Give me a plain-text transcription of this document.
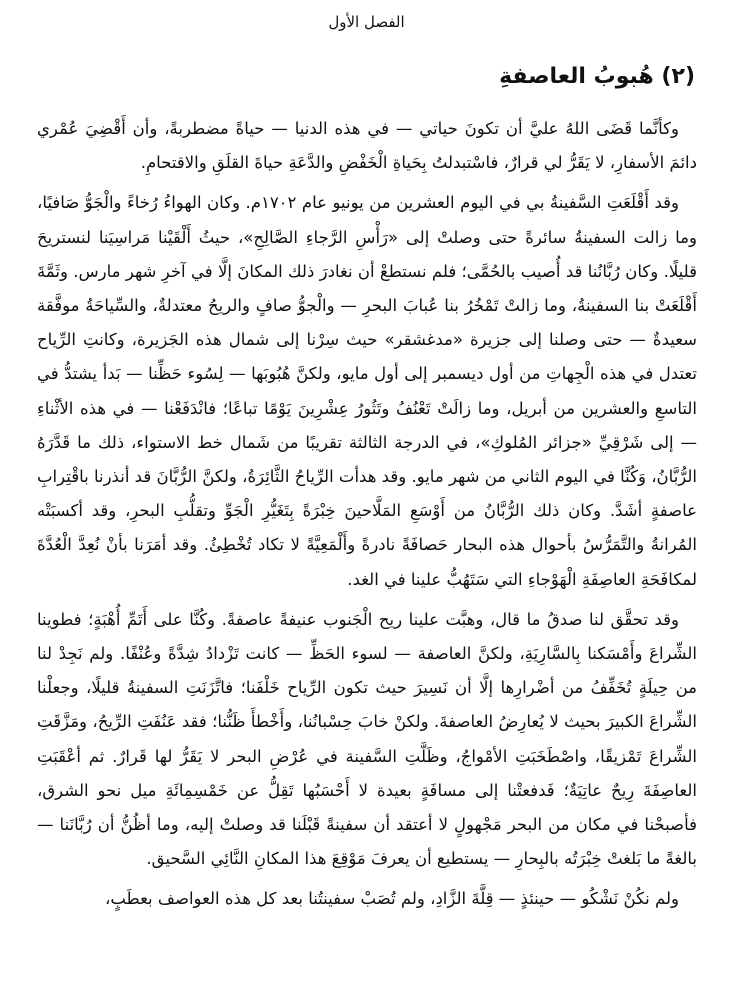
الفصل الأول
(٢) هُبوبُ العاصفةِ

وكأنَّما قَضَى اللهُ عليَّ أن تكونَ حياتي — في هذه الدنيا — حياةً مضطربةً، وأن أَقْضِيَ عُمْري دائمَ الأسفارِ، لا يَقَرُّ لي قرارٌ، فاسْتبدلتُ بِحَياةِ الْخَفْضِ والدَّعَةِ حياةَ القلَقِ والاقتحامِ.

وقد أَقْلَعَتِ السَّفينةُ بي في اليوم العشرين من يونيو عام ١٧٠٢م. وكان الهواءُ رُخاءً والْجَوُّ صَافيًا، وما زالت السفينةُ سائرةً حتى وصلتْ إلى «رَأْسِ الرَّجاءِ الصَّالِحِ»، حيثُ أَلْقَيْنا مَراسِيَنا لنستريحَ قليلًا. وكان رُبَّانُنا قد أُصيب بالحُمَّى؛ فلم نستطعْ أن نغادرَ ذلك المكانَ إلَّا في آخرِ شهر مارس. وثَمَّةَ أَقْلَعَتْ بنا السفينةُ، وما زالتْ تَمْخُرُ بنا عُبابَ البحرِ — والْجوُّ صافٍ والريحُ معتدلةٌ، والسِّياحَةُ موفَّقة سعيدةٌ — حتى وصلنا إلى جزيرة «مدغشقر» حيث سِرْنا إلى شمال هذه الجَزيرة، وكانتِ الرِّياح تعتدل في هذه الْجِهاتِ من أول ديسمبر إلى أول مايو، ولكنَّ هُبُوبَها — لِسُوء حَظِّنا — بَدأ يشتدُّ في التاسعِ والعشرين من أبريل، وما زالَتْ تَعْنُفُ وتَثُورُ عِشْرِينَ يَوْمًا تباعًا؛ فانْدَفَعْنا — في هذه الأثْناءِ — إلى شَرْقِيِّ «جزائر المُلوكِ»، في الدرجة الثالثة تقريبًا من شَمال خط الاستواء، ذلك ما قَدَّرَهُ الرُّبَّانُ، وَكُنَّا في اليوم الثاني من شهر مايو. وقد هدأت الرِّياحُ الثَّائِرَةُ، ولكنَّ الرُّبَّانَ قد أنذرنا باقْتِرابِ عاصفةٍ أشَدَّ. وكان ذلك الرُّبَّانُ من أَوْسَعِ المَلَّاحينَ خِبْرَةً بِتَغَيُّرِ الْجَوِّ وتقلُّبِ البحرِ، وقد أكسبَتْه المُرانةُ والتَّمَرُّسُ بأحوال هذه البحار حَصافَةً نادرةً وأَلْمَعِيَّةً لا تكاد تُخْطِئُ. وقد أمَرَنا بأنْ نُعِدَّ الْعُدَّةَ لمكافَحَةِ العاصِفَةِ الْهَوْجاءِ التي سَتَهُبُّ علينا في الغد.

وقد تحقَّق لنا صدقُ ما قال، وهبَّت علينا ريح الْجَنوب عنيفةً عاصفةً. وكُنَّا على أَتَمِّ أُهْبَةٍ؛ فطوينا الشِّراعَ وأَمْسَكنا بِالسَّارِيَةِ، ولكنَّ العاصفة — لسوء الحَظِّ — كانت تَزْدادُ شِدَّةً وعُنْفًا. ولم نَجِدْ لنا من حِيلَةٍ تُخَفِّفُ من أضْرارِها إلَّا أن نَسِيرَ حيث تكون الرِّياح خَلْفَنا؛ فاتَّزَنَتِ السفينةُ قليلًا، وجعلْنا الشِّراعَ الكبيرَ بحيث لا يُعارِضُ العاصفةَ. ولكنْ خابَ حِسْبانُنا، وأَخْطأَ ظَنُّنا؛ فقد عَنُفَتِ الرِّيحُ، ومَزَّقَتِ الشِّراعَ تَمْزيقًا، واصْطَخَبَتِ الأمْواجُ، وظَلَّتِ السَّفينة في عُرْضِ البحر لا يَقَرُّ لها قَرارٌ. ثم أعْقَبَتِ العاصِفَةَ رِيحٌ عاتِيَةٌ؛ فَدفعتْنا إلى مسافَةٍ بعيدة لا أَحْسَبُها تَقِلُّ عن خَمْسِمِائَةِ ميل نحو الشرق، فأصبحْنا في مكان من البحر مَجْهولٍ لا أعتقد أن سفينةً قَبْلَنا قد وصلتْ إليه، وما أظُنُّ أن رُبَّانَنا — بالغةً ما بَلغتْ خِبْرَتُه بالبِحارِ — يستطيع أن يعرفَ مَوْقِعَ هذا المكانِ النَّائِي السَّحيق.

ولم نكُنْ نَشْكُو — حينئذٍ — قِلَّةَ الزَّادِ، ولم تُصَبْ سفينتُنا بعد كل هذه العواصف بعطَبٍ،
